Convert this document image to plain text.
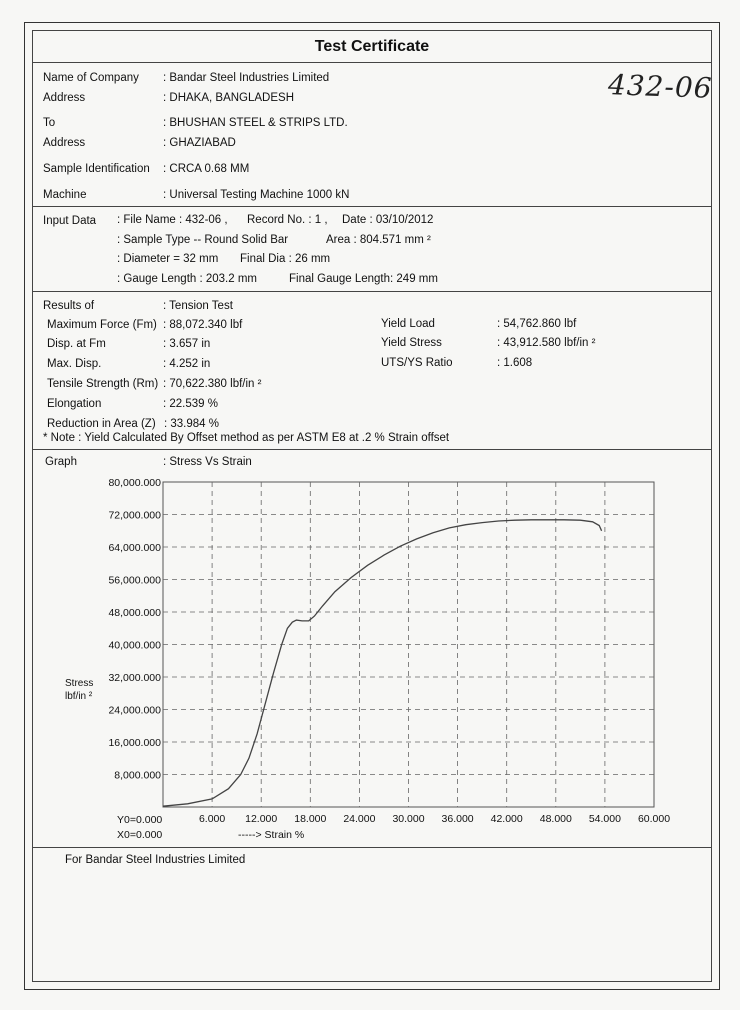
Test Certificate
432-06
Name of Company : Bandar Steel Industries Limited
Address	: DHAKA, BANGLADESH
To	: BHUSHAN STEEL & STRIPS LTD.
Address	: GHAZIABAD
Sample Identification : CRCA 0.68 MM
Machine	: Universal Testing Machine 1000 kN
Input Data : File Name : 432-06 , Record No. : 1 , Date : 03/10/2012
: Sample Type -- Round Solid Bar	Area : 804.571 mm ²
: Diameter = 32 mm Final Dia : 26 mm
: Gauge Length : 203.2 mm	Final Gauge Length: 249 mm
Results of	: Tension Test
Maximum Force (Fm) : 88,072.340 lbf
Disp. at Fm	: 3.657 in
Max. Disp.	: 4.252 in
Tensile Strength (Rm) : 70,622.380 lbf/in ²
Elongation	: 22.539 %
Reduction in Area (Z) : 33.984 %
Yield Load	: 54,762.860 lbf
Yield Stress	: 43,912.580 lbf/in ²
UTS/YS Ratio	: 1.608
* Note : Yield Calculated By Offset method as per ASTM E8 at .2 % Strain offset
Graph	: Stress Vs Strain
Stress
lbf/in ²
Y0=0.000
X0=0.000	-----> Strain %
6.000 12.000 18.000 24.000 30.000 36.000 42.000 48.000 54.000 60.000
8,000.000
16,000.000
24,000.000
32,000.000
40,000.000
48,000.000
56,000.000
64,000.000
72,000.000
80,000.000
For Bandar Steel Industries Limited
